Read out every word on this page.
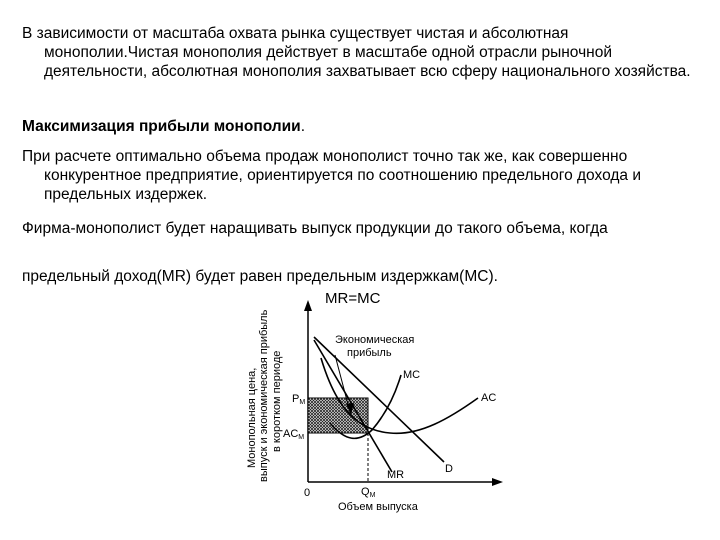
В зависимости от масштаба охвата рынка существует чистая и абсолютная монополии.Чистая монополия действует в масштабе одной отрасли рыночной деятельности, абсолютная монополия захватывает всю сферу национального хозяйства.

Максимизация прибыли монополии.

При расчете оптимально объема продаж монополист точно так же, как совершенно конкурентное предприятие, ориентируется по соотношению предельного дохода и предельных издержек.

Фирма-монополист будет наращивать выпуск продукции до такого объема, когда

предельный доход(MR) будет равен предельным издержкам(MC).

MR=MC
Монопольная цена, выпуск и экономическая прибыль в коротком периоде PM
ACM
0	QM
Объем выпуска
Экономическая
прибыль
MC
AC
MR	D
